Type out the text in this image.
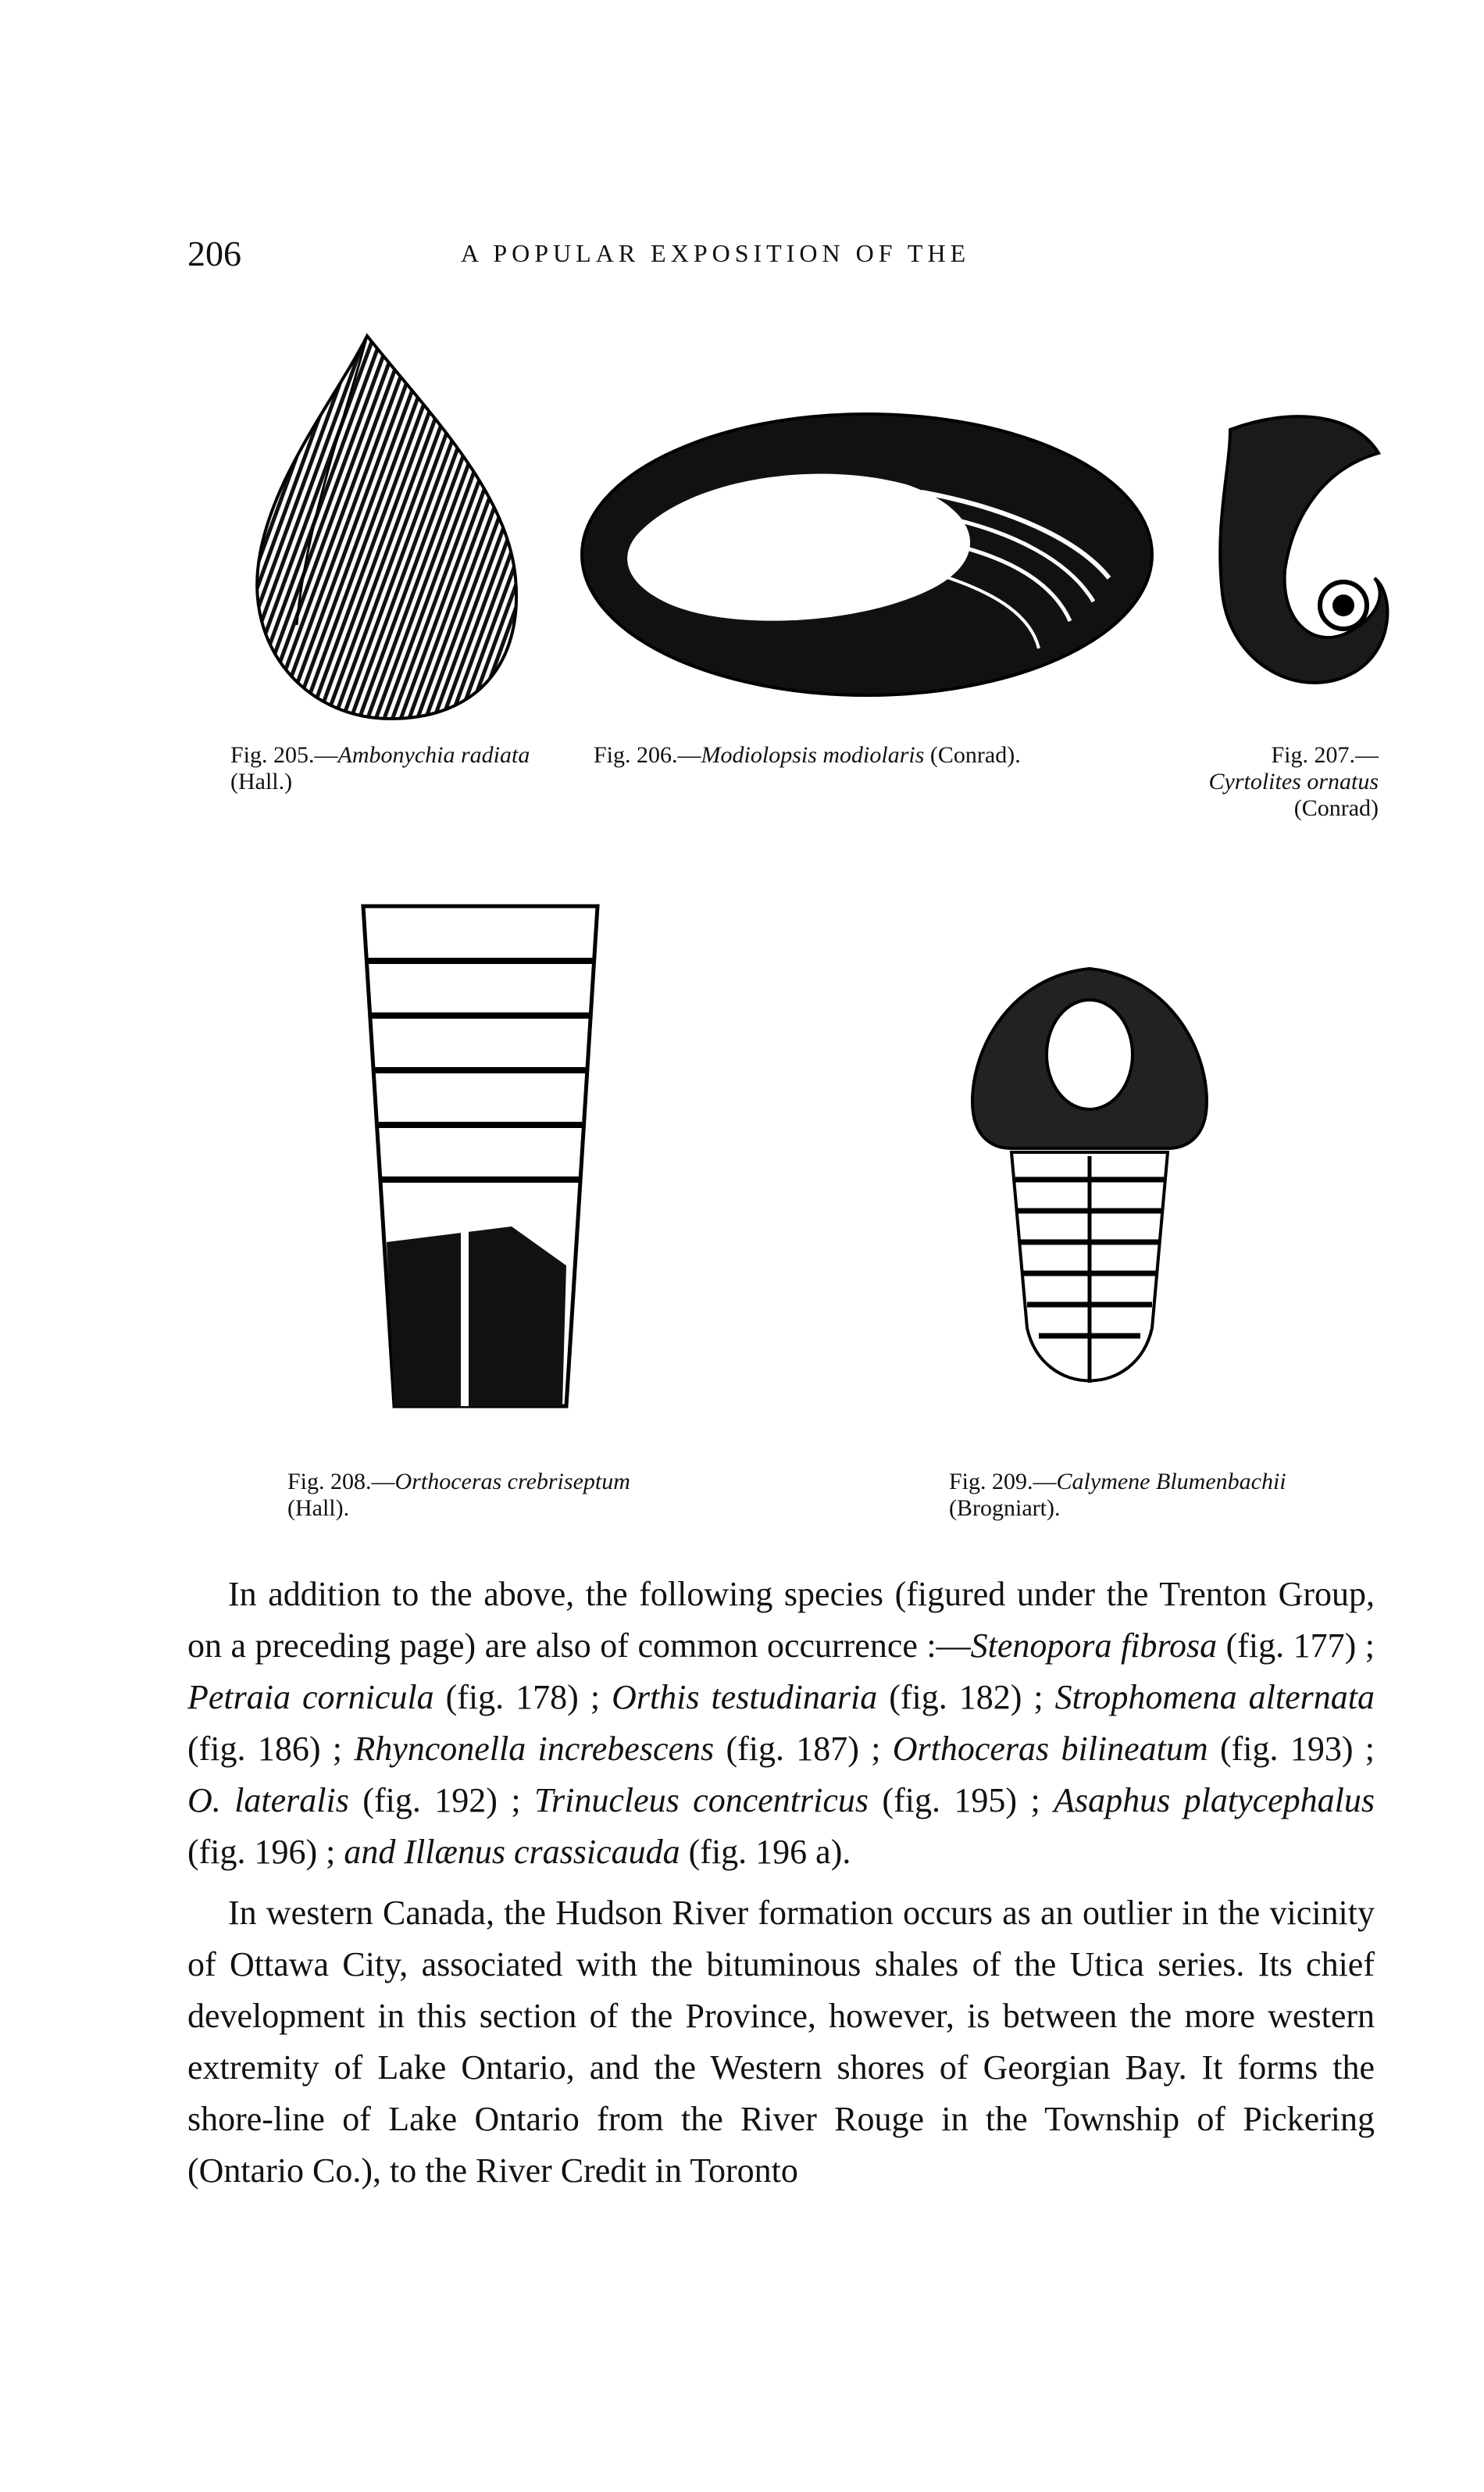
206	A POPULAR EXPOSITION OF THE
Fig. 205.—Ambonychia radiata (Hall.)
Fig. 206.—Modiolopsis modiolaris (Conrad).	Fig. 207.—Cyrtolites ornatus (Conrad)
Fig. 208.—Orthoceras crebriseptum
(Hall).
Fig. 209.—Calymene Blumenbachii (Brogniart).

In addition to the above, the following species (figured under the Trenton Group, on a preceding page) are also of common occurrence :—Stenopora fibrosa (fig. 177) ; Petraia cornicula (fig. 178) ; Orthis testudinaria (fig. 182) ; Strophomena alternata (fig. 186) ; Rhynconella increbescens (fig. 187) ; Orthoceras bilineatum (fig. 193) ; O. lateralis (fig. 192) ; Trinucleus concentricus (fig. 195) ; Asaphus platycephalus (fig. 196) ; and Illænus crassicauda (fig. 196 a).

In western Canada, the Hudson River formation occurs as an outlier in the vicinity of Ottawa City, associated with the bituminous shales of the Utica series. Its chief development in this section of the Province, however, is between the more western extremity of Lake Ontario, and the Western shores of Georgian Bay. It forms the shore-line of Lake Ontario from the River Rouge in the Township of Pickering (Ontario Co.), to the River Credit in Toronto
